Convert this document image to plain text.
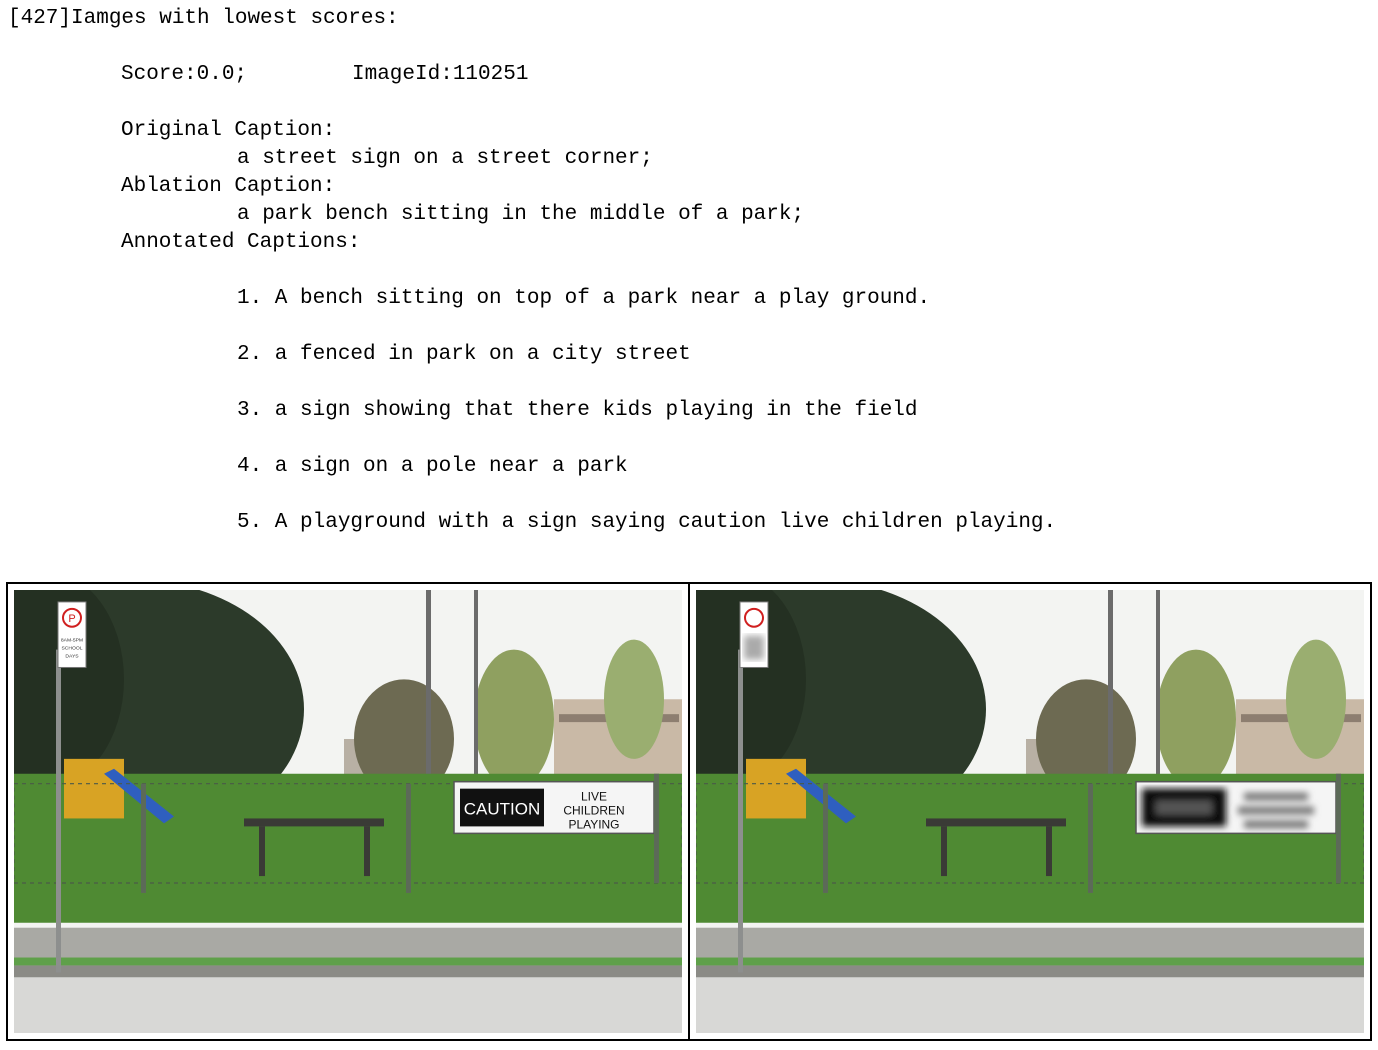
[427]Iamges with lowest scores:
Score:0.0;	ImageId:110251
Original Caption:
a street sign on a street corner;
Ablation Caption:
a park bench sitting in the middle of a park;
Annotated Captions:
1. A bench sitting on top of a park near a play ground.
2. a fenced in park on a city street
3. a sign showing that there kids playing in the field
4. a sign on a pole near a park
5. A playground with a sign saying caution live children playing.
P
8AM-5PM
SCHOOL
DAYS
CAUTION
LIVE
CHILDREN
PLAYING
